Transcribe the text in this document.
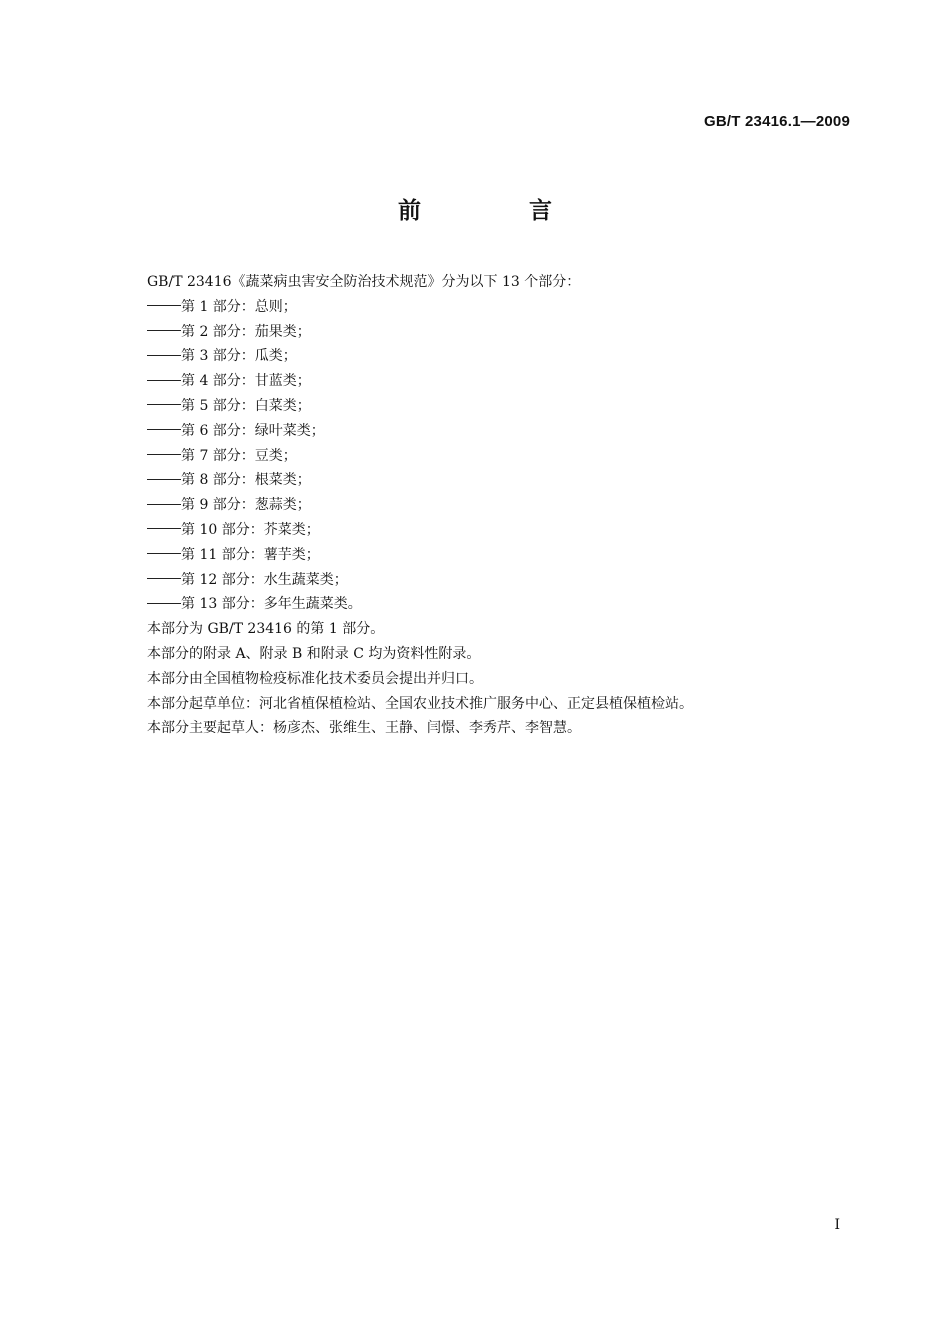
GB/T 23416.1—2009
前 言
GB/T 23416《蔬菜病虫害安全防治技术规范》分为以下 13 个部分：
第 1 部分：总则；
第 2 部分：茄果类；
第 3 部分：瓜类；
第 4 部分：甘蓝类；
第 5 部分：白菜类；
第 6 部分：绿叶菜类；
第 7 部分：豆类；
第 8 部分：根菜类；
第 9 部分：葱蒜类；
第 10 部分：芥菜类；
第 11 部分：薯芋类；
第 12 部分：水生蔬菜类；
第 13 部分：多年生蔬菜类。
本部分为 GB/T 23416 的第 1 部分。
本部分的附录 A、附录 B 和附录 C 均为资料性附录。
本部分由全国植物检疫标准化技术委员会提出并归口。
本部分起草单位：河北省植保植检站、全国农业技术推广服务中心、正定县植保植检站。
本部分主要起草人：杨彦杰、张维生、王静、闫憬、李秀芹、李智慧。
I
